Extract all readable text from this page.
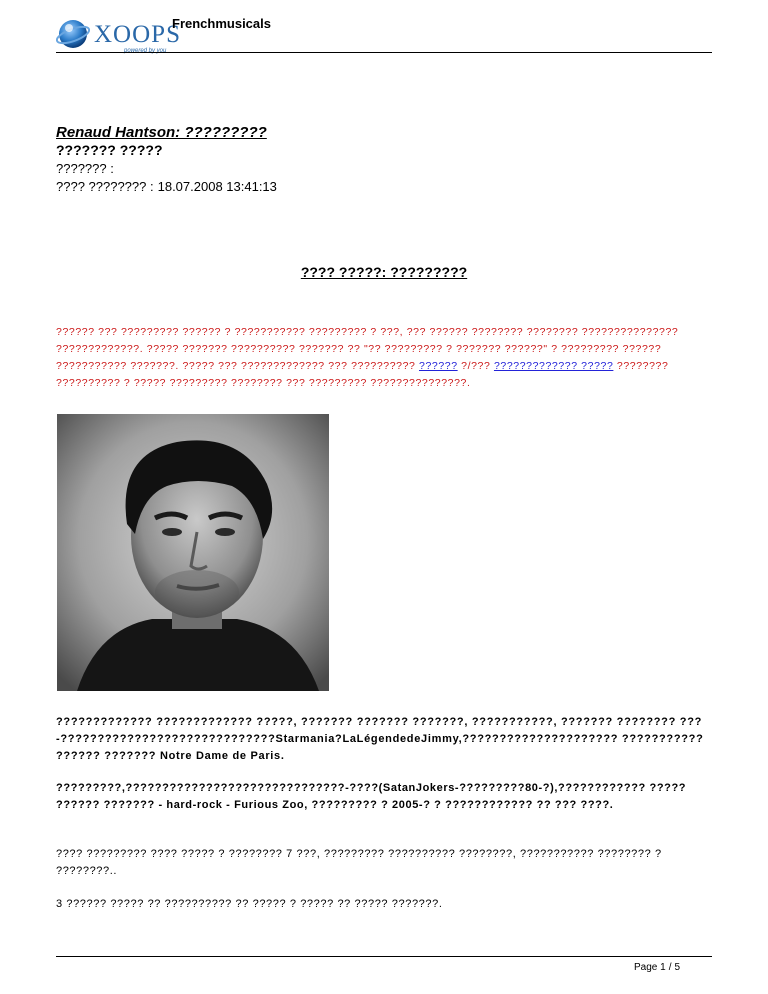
XOOPS
powered by you
Frenchmusicals
Renaud Hantson: ?????????
??????? ?????
??????? :
???? ???????? : 18.07.2008 13:41:13
???? ?????: ?????????
?????? ??? ????????? ?????? ? ??????????? ????????? ? ???, ??? ?????? ???????? ???????? ??????????????? ?????????????. ????? ??????? ?????????? ??????? ?? "?? ????????? ? ??????? ??????" ? ????????? ?????? ??????????? ???????. ????? ??? ????????????? ??? ?????????? ?????? ?/??? ????????????? ????? ???????? ?????????? ? ????? ????????? ???????? ??? ????????? ???????????????.
????????????? ????????????? ?????, ??????? ??????? ???????, ???????????, ??????? ???????? ???-?????????????????????????????Starmania?LaLégendedeJimmy,????????????????????? ??????????? ?????? ??????? Notre Dame de Paris.
?????????,??????????????????????????????-????(SatanJokers-?????????80-?),???????????? ????? ?????? ??????? - hard-rock - Furious Zoo, ????????? ? 2005-? ? ???????????? ?? ??? ????.
???? ????????? ???? ????? ? ???????? 7 ???, ????????? ?????????? ????????, ??????????? ???????? ? ????????..
3 ?????? ????? ?? ?????????? ?? ????? ? ????? ?? ????? ???????.
Page 1 / 5
